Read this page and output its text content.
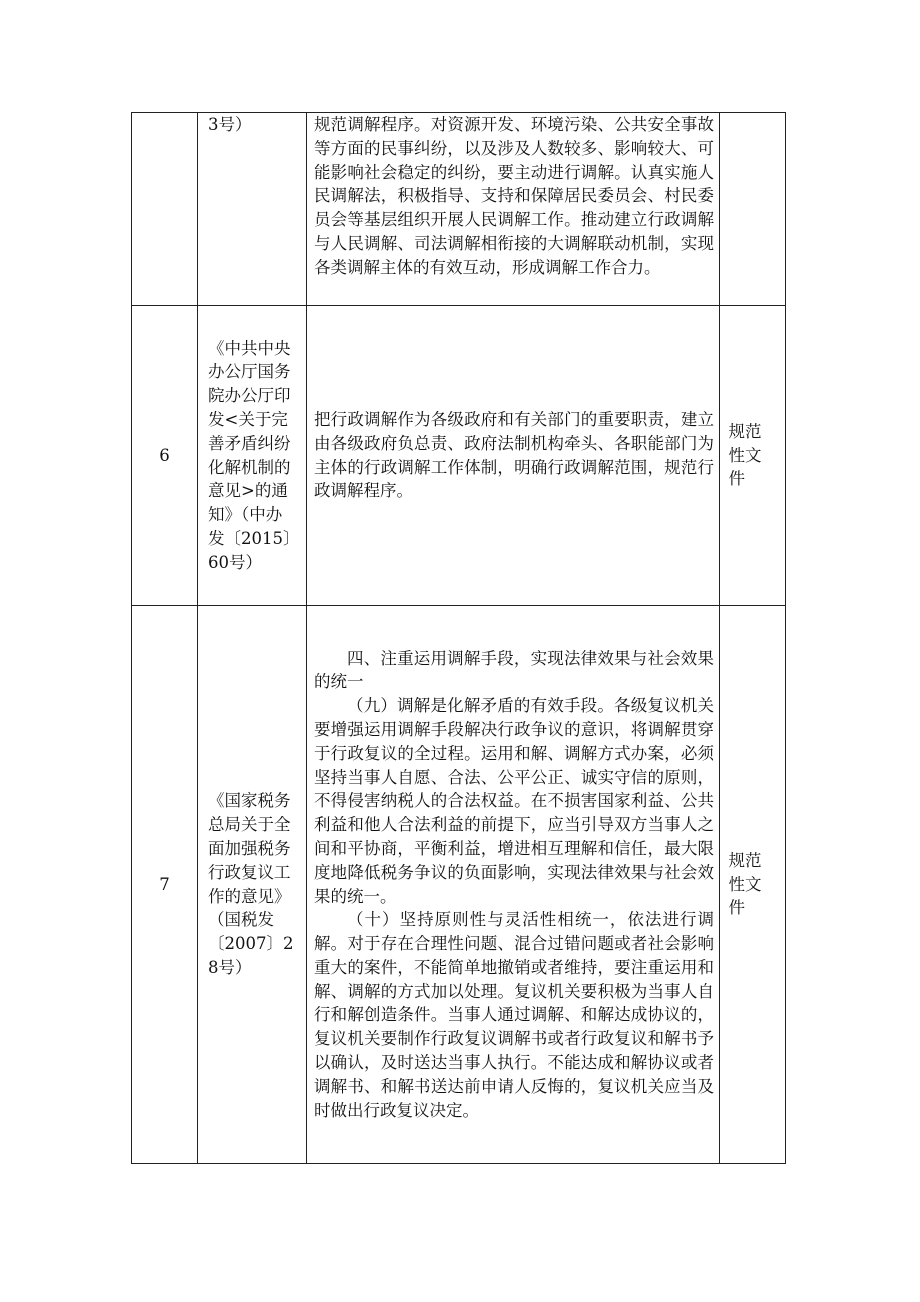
	3号）	规范调解程序。对资源开发、环境污染、公共安全事故等方面的民事纠纷，以及涉及人数较多、影响较大、可能影响社会稳定的纠纷，要主动进行调解。认真实施人民调解法，积极指导、支持和保障居民委员会、村民委员会等基层组织开展人民调解工作。推动建立行政调解与人民调解、司法调解相衔接的大调解联动机制，实现各类调解主体的有效互动，形成调解工作合力。	

6	《中共中央办公厅国务院办公厅印发<关于完善矛盾纠纷化解机制的意见>的通知》（中办发〔2015〕60号）	把行政调解作为各级政府和有关部门的重要职责，建立由各级政府负总责、政府法制机构牵头、各职能部门为主体的行政调解工作体制，明确行政调解范围，规范行政调解程序。	规范性文件

7	《国家税务总局关于全面加强税务行政复议工作的意见》（国税发〔2007〕28号）	四、注重运用调解手段，实现法律效果与社会效果的统一

（九）调解是化解矛盾的有效手段。各级复议机关要增强运用调解手段解决行政争议的意识，将调解贯穿于行政复议的全过程。运用和解、调解方式办案，必须坚持当事人自愿、合法、公平公正、诚实守信的原则，不得侵害纳税人的合法权益。在不损害国家利益、公共利益和他人合法利益的前提下，应当引导双方当事人之间和平协商，平衡利益，增进相互理解和信任，最大限度地降低税务争议的负面影响，实现法律效果与社会效果的统一。

（十）坚持原则性与灵活性相统一，依法进行调解。对于存在合理性问题、混合过错问题或者社会影响重大的案件，不能简单地撤销或者维持，要注重运用和解、调解的方式加以处理。复议机关要积极为当事人自行和解创造条件。当事人通过调解、和解达成协议的，复议机关要制作行政复议调解书或者行政复议和解书予以确认，及时送达当事人执行。不能达成和解协议或者调解书、和解书送达前申请人反悔的，复议机关应当及时做出行政复议决定。	规范性文件
